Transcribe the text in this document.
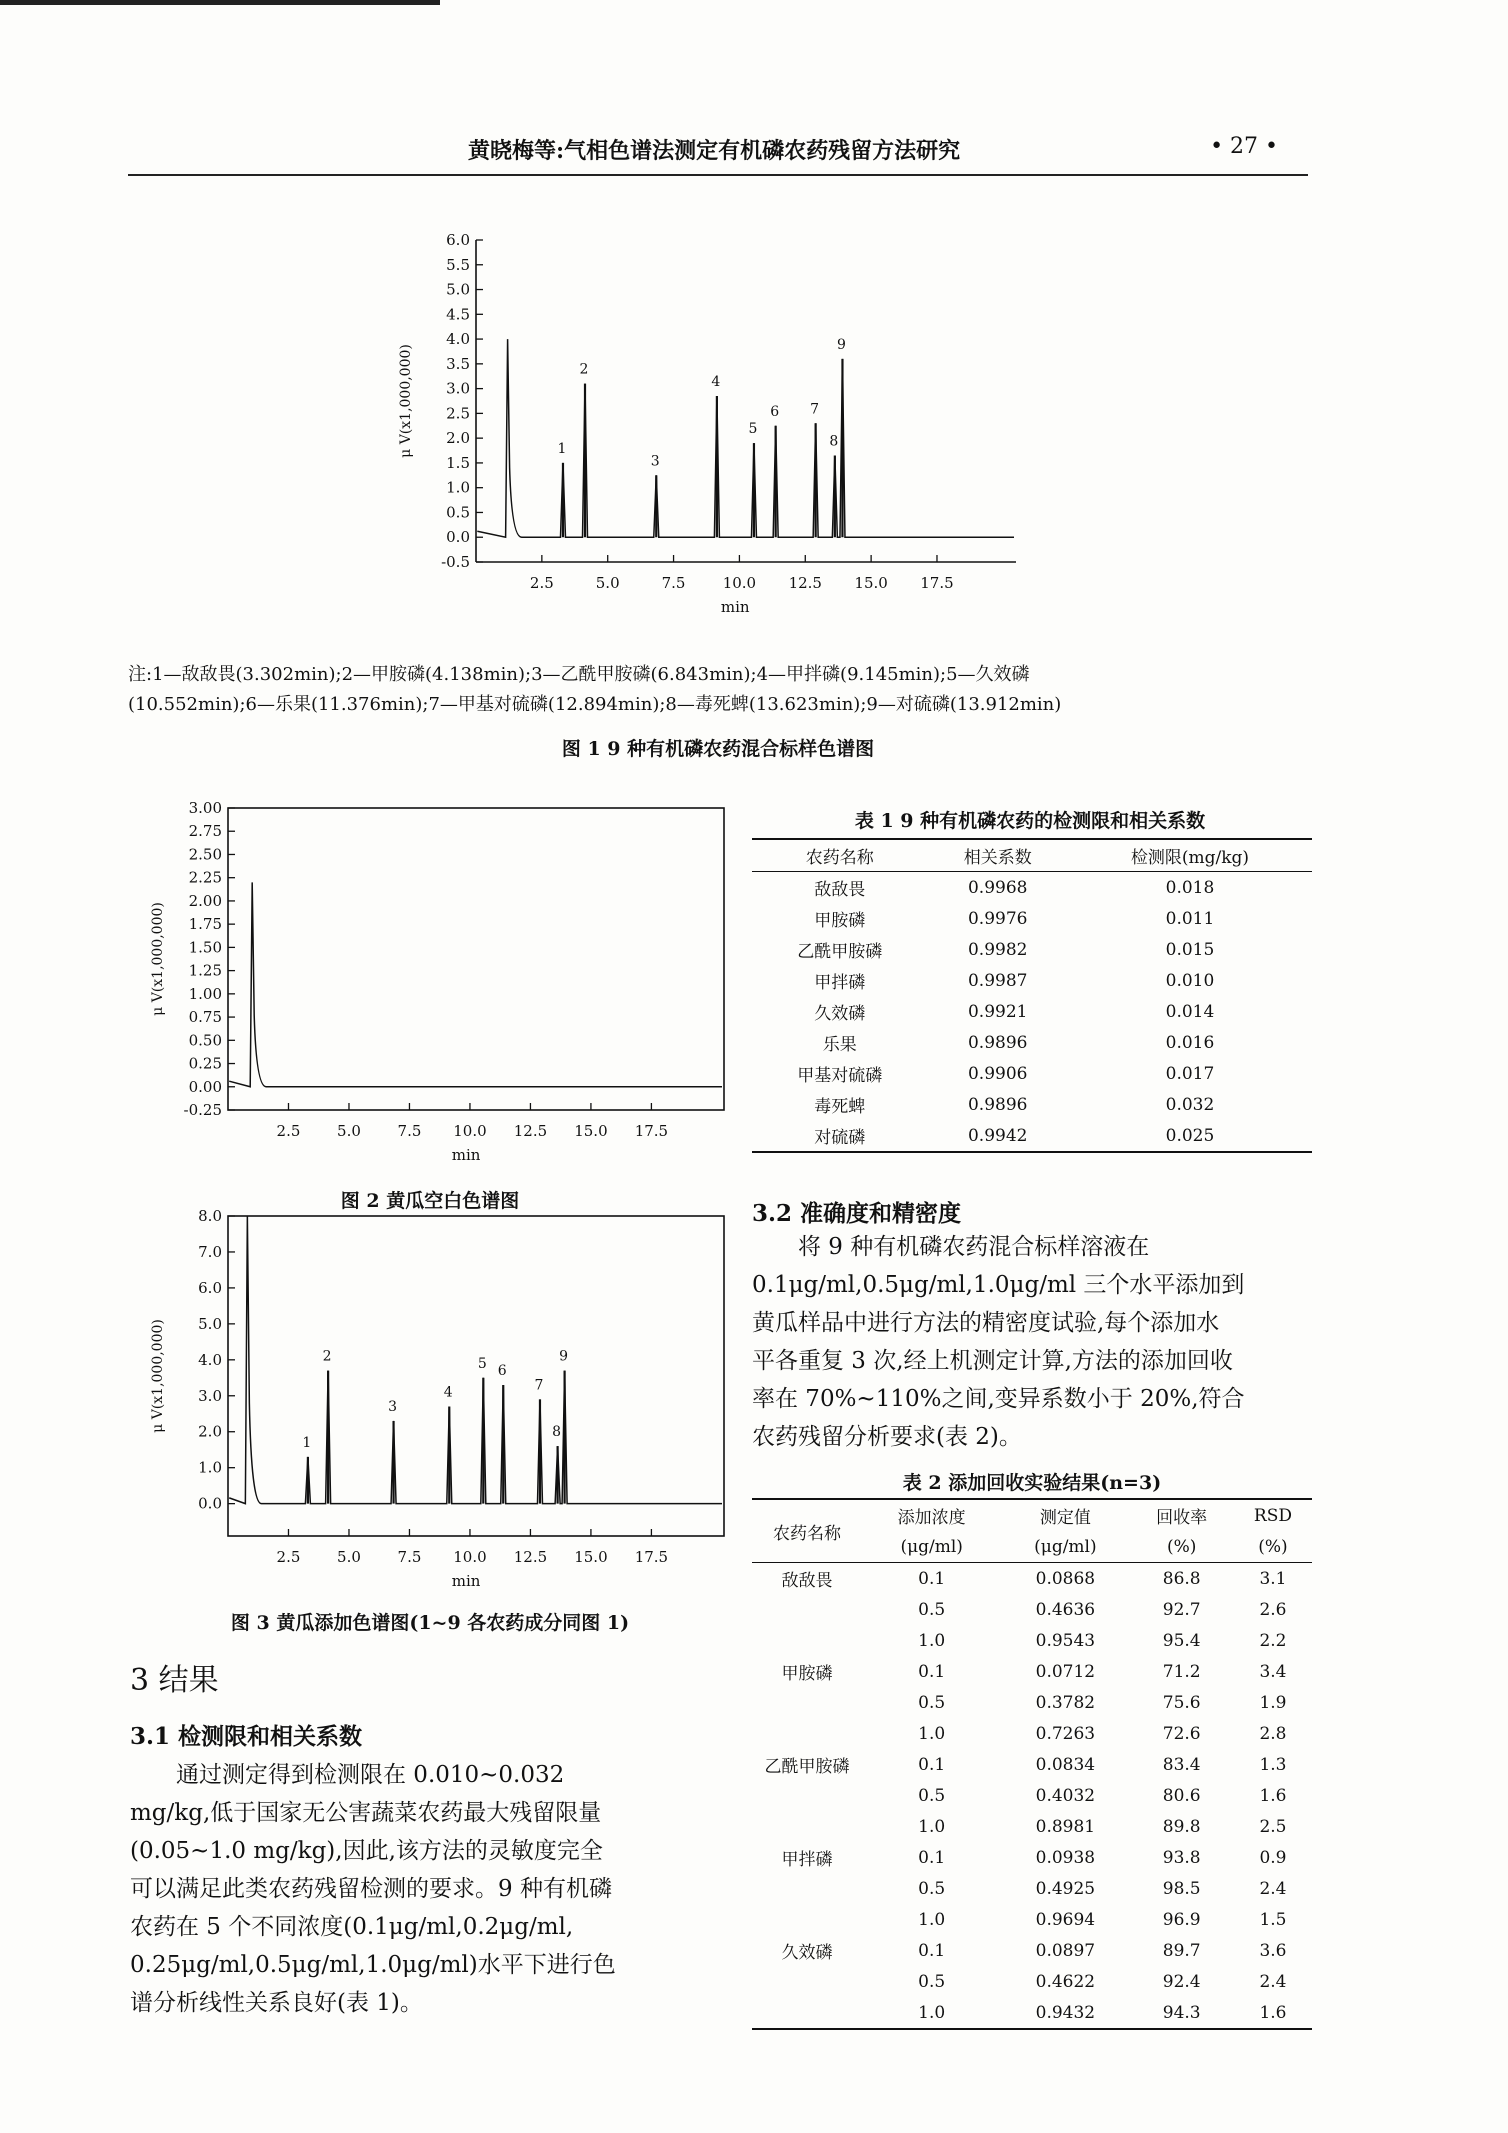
黄晓梅等:气相色谱法测定有机磷农药残留方法研究	• 27 •
6.0
5.5
5.0
4.5
4.0
3.5
3.0
2.5
2.0
1.5
1.0
0.5
0.0
-0.5
2.5	5.0	7.5 10.0 12.5 15.0 17.5
min
μ V(x1,000,000)	1
2
3
4
5
6 7
8
9
注:1—敌敌畏(3.302min);2—甲胺磷(4.138min);3—乙酰甲胺磷(6.843min);4—甲拌磷(9.145min);5—久效磷
(10.552min);6—乐果(11.376min);7—甲基对硫磷(12.894min);8—毒死蜱(13.623min);9—对硫磷(13.912min)
图 1 9 种有机磷农药混合标样色谱图
3.00
2.75
2.50
2.25
2.00
1.75
1.50
1.25
1.00
0.75
0.50
0.25
0.00
-0.25
2.5 5.0 7.5 10.0 12.5 15.0 17.5
min
μ V(x1,000,000)
图 2 黄瓜空白色谱图
8.0
7.0
6.0
5.0
4.0
3.0
2.0
1.0
0.0
2.5 5.0 7.5 10.0 12.5 15.0 17.5
min
μ V(x1,000,000)
1
2
3
4
5 6
7
8
9
图 3 黄瓜添加色谱图(1~9 各农药成分同图 1)
表 1 9 种有机磷农药的检测限和相关系数
农药名称	相关系数	检测限(mg/kg)
敌敌畏	0.9968	0.018
甲胺磷	0.9976	0.011
乙酰甲胺磷	0.9982	0.015
甲拌磷	0.9987	0.010
久效磷	0.9921	0.014
乐果	0.9896	0.016
甲基对硫磷	0.9906	0.017
毒死蜱	0.9896	0.032
对硫磷	0.9942	0.025
3.2 准确度和精密度
将 9 种有机磷农药混合标样溶液在
0.1μg/ml,0.5μg/ml,1.0μg/ml 三个水平添加到
黄瓜样品中进行方法的精密度试验,每个添加水
平各重复 3 次,经上机测定计算,方法的添加回收
率在 70%~110%之间,变异系数小于 20%,符合
农药残留分析要求(表 2)。
表 2 添加回收实验结果(n=3)
农药名称	添加浓度	测定值	回收率	RSD
	(μg/ml)	(μg/ml)	(%)	(%)
敌敌畏	0.1	0.0868	86.8	3.1
	0.5	0.4636	92.7	2.6
	1.0	0.9543	95.4	2.2
甲胺磷	0.1	0.0712	71.2	3.4
	0.5	0.3782	75.6	1.9
	1.0	0.7263	72.6	2.8
乙酰甲胺磷	0.1	0.0834	83.4	1.3
	0.5	0.4032	80.6	1.6
	1.0	0.8981	89.8	2.5
甲拌磷	0.1	0.0938	93.8	0.9
	0.5	0.4925	98.5	2.4
	1.0	0.9694	96.9	1.5
久效磷	0.1	0.0897	89.7	3.6
	0.5	0.4622	92.4	2.4
	1.0	0.9432	94.3	1.6
3 结果
3.1 检测限和相关系数
通过测定得到检测限在 0.010~0.032
mg/kg,低于国家无公害蔬菜农药最大残留限量
(0.05~1.0 mg/kg),因此,该方法的灵敏度完全
可以满足此类农药残留检测的要求。9 种有机磷
农药在 5 个不同浓度(0.1μg/ml,0.2μg/ml,
0.25μg/ml,0.5μg/ml,1.0μg/ml)水平下进行色
谱分析线性关系良好(表 1)。
